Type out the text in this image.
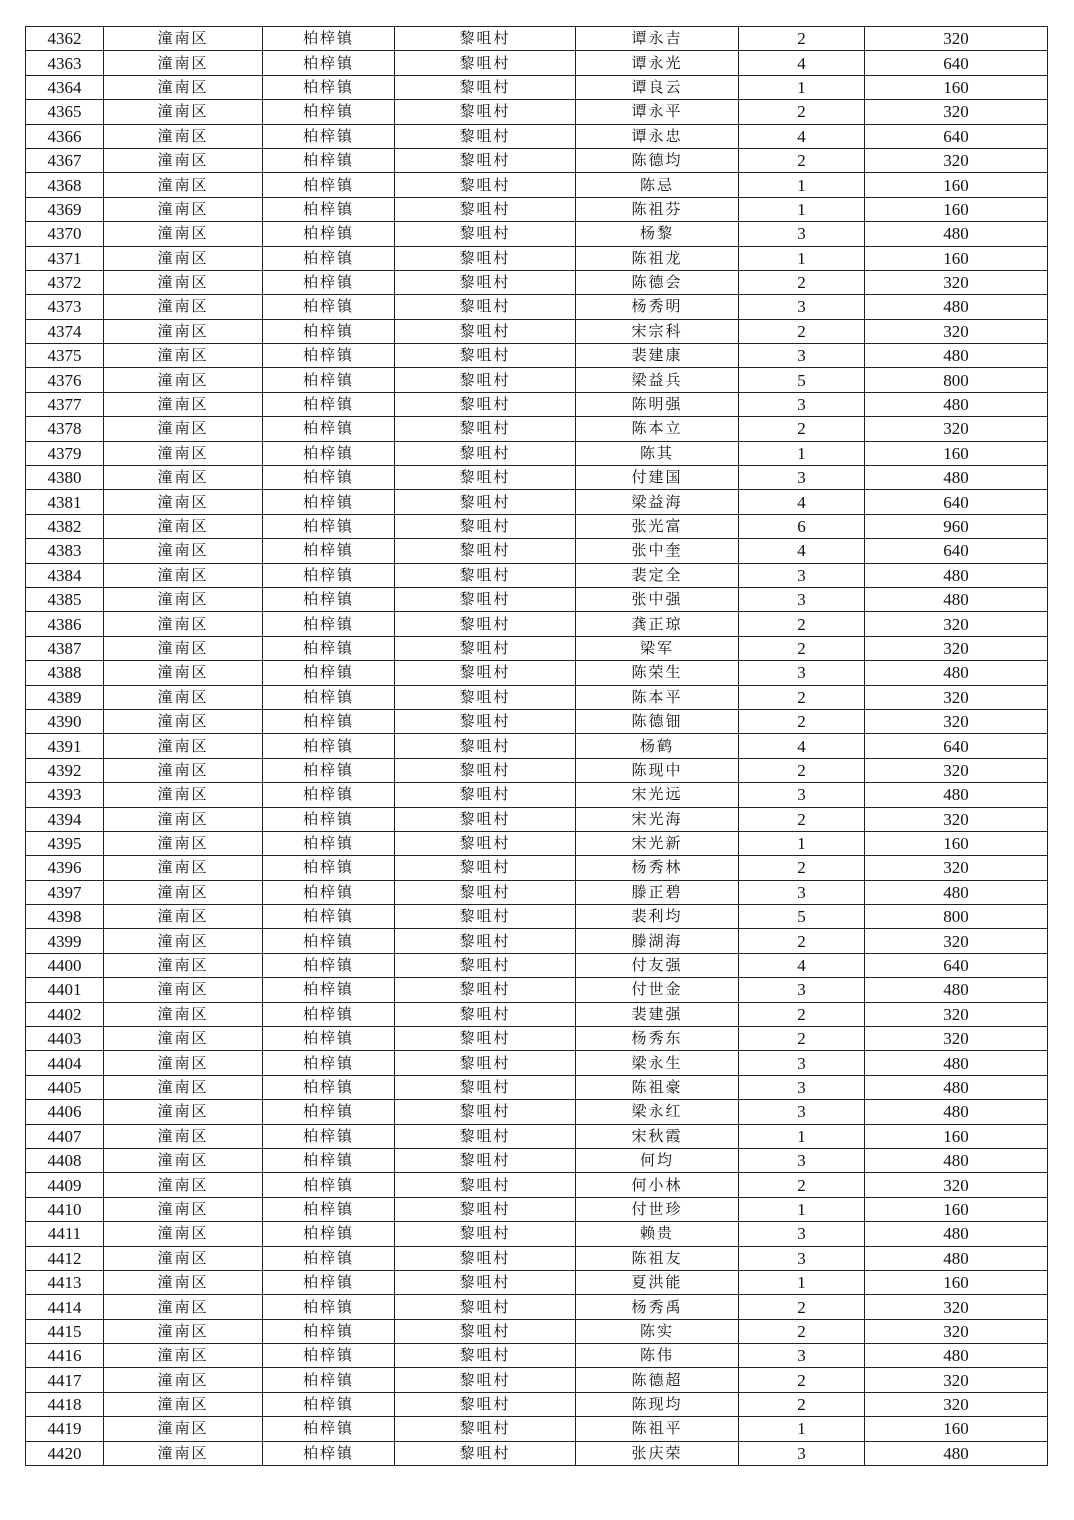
4362	潼南区	柏梓镇	黎咀村	谭永吉	2	320
4363	潼南区	柏梓镇	黎咀村	谭永光	4	640
4364	潼南区	柏梓镇	黎咀村	谭良云	1	160
4365	潼南区	柏梓镇	黎咀村	谭永平	2	320
4366	潼南区	柏梓镇	黎咀村	谭永忠	4	640
4367	潼南区	柏梓镇	黎咀村	陈德均	2	320
4368	潼南区	柏梓镇	黎咀村	陈忌	1	160
4369	潼南区	柏梓镇	黎咀村	陈祖芬	1	160
4370	潼南区	柏梓镇	黎咀村	杨黎	3	480
4371	潼南区	柏梓镇	黎咀村	陈祖龙	1	160
4372	潼南区	柏梓镇	黎咀村	陈德会	2	320
4373	潼南区	柏梓镇	黎咀村	杨秀明	3	480
4374	潼南区	柏梓镇	黎咀村	宋宗科	2	320
4375	潼南区	柏梓镇	黎咀村	裴建康	3	480
4376	潼南区	柏梓镇	黎咀村	梁益兵	5	800
4377	潼南区	柏梓镇	黎咀村	陈明强	3	480
4378	潼南区	柏梓镇	黎咀村	陈本立	2	320
4379	潼南区	柏梓镇	黎咀村	陈其	1	160
4380	潼南区	柏梓镇	黎咀村	付建国	3	480
4381	潼南区	柏梓镇	黎咀村	梁益海	4	640
4382	潼南区	柏梓镇	黎咀村	张光富	6	960
4383	潼南区	柏梓镇	黎咀村	张中奎	4	640
4384	潼南区	柏梓镇	黎咀村	裴定全	3	480
4385	潼南区	柏梓镇	黎咀村	张中强	3	480
4386	潼南区	柏梓镇	黎咀村	龚正琼	2	320
4387	潼南区	柏梓镇	黎咀村	梁军	2	320
4388	潼南区	柏梓镇	黎咀村	陈荣生	3	480
4389	潼南区	柏梓镇	黎咀村	陈本平	2	320
4390	潼南区	柏梓镇	黎咀村	陈德钿	2	320
4391	潼南区	柏梓镇	黎咀村	杨鹤	4	640
4392	潼南区	柏梓镇	黎咀村	陈现中	2	320
4393	潼南区	柏梓镇	黎咀村	宋光远	3	480
4394	潼南区	柏梓镇	黎咀村	宋光海	2	320
4395	潼南区	柏梓镇	黎咀村	宋光新	1	160
4396	潼南区	柏梓镇	黎咀村	杨秀林	2	320
4397	潼南区	柏梓镇	黎咀村	滕正碧	3	480
4398	潼南区	柏梓镇	黎咀村	裴利均	5	800
4399	潼南区	柏梓镇	黎咀村	滕湖海	2	320
4400	潼南区	柏梓镇	黎咀村	付友强	4	640
4401	潼南区	柏梓镇	黎咀村	付世金	3	480
4402	潼南区	柏梓镇	黎咀村	裴建强	2	320
4403	潼南区	柏梓镇	黎咀村	杨秀东	2	320
4404	潼南区	柏梓镇	黎咀村	梁永生	3	480
4405	潼南区	柏梓镇	黎咀村	陈祖豪	3	480
4406	潼南区	柏梓镇	黎咀村	梁永红	3	480
4407	潼南区	柏梓镇	黎咀村	宋秋霞	1	160
4408	潼南区	柏梓镇	黎咀村	何均	3	480
4409	潼南区	柏梓镇	黎咀村	何小林	2	320
4410	潼南区	柏梓镇	黎咀村	付世珍	1	160
4411	潼南区	柏梓镇	黎咀村	赖贵	3	480
4412	潼南区	柏梓镇	黎咀村	陈祖友	3	480
4413	潼南区	柏梓镇	黎咀村	夏洪能	1	160
4414	潼南区	柏梓镇	黎咀村	杨秀禹	2	320
4415	潼南区	柏梓镇	黎咀村	陈实	2	320
4416	潼南区	柏梓镇	黎咀村	陈伟	3	480
4417	潼南区	柏梓镇	黎咀村	陈德超	2	320
4418	潼南区	柏梓镇	黎咀村	陈现均	2	320
4419	潼南区	柏梓镇	黎咀村	陈祖平	1	160
4420	潼南区	柏梓镇	黎咀村	张庆荣	3	480
